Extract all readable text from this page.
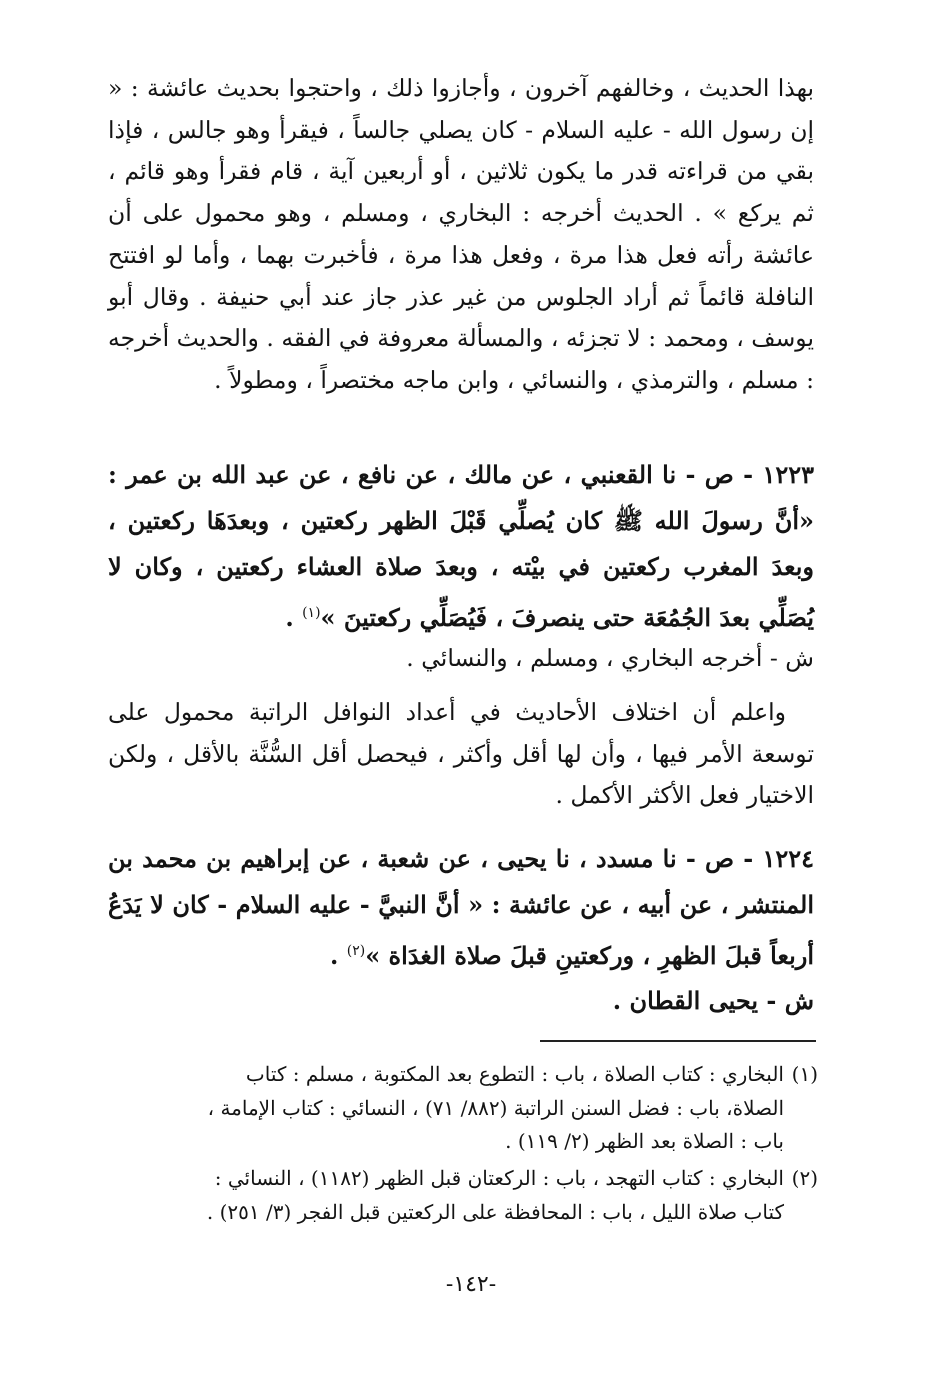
بهذا الحديث ، وخالفهم آخرون ، وأجازوا ذلك ، واحتجوا بحديث عائشة : « إن رسول الله - عليه السلام - كان يصلي جالساً ، فيقرأ وهو جالس ، فإذا بقي من قراءته قدر ما يكون ثلاثين ، أو أربعين آية ، قام فقرأ وهو قائم ، ثم يركع » . الحديث أخرجه : البخاري ، ومسلم ، وهو محمول على أن عائشة رأته فعل هذا مرة ، وفعل هذا مرة ، فأخبرت بهما ، وأما لو افتتح النافلة قائماً ثم أراد الجلوس من غير عذر جاز عند أبي حنيفة . وقال أبو يوسف ، ومحمد : لا تجزئه ، والمسألة معروفة في الفقه . والحديث أخرجه : مسلم ، والترمذي ، والنسائي ، وابن ماجه مختصراً ، ومطولاً .
١٢٢٣ - ص - نا القعنبي ، عن مالك ، عن نافع ، عن عبد الله بن عمر : «أنَّ رسولَ الله ﷺ كان يُصلِّي قَبْلَ الظهر ركعتين ، وبعدَهَا ركعتين ، وبعدَ المغرب ركعتين في بيْته ، وبعدَ صلاة العشاء ركعتين ، وكان لا يُصَلِّي بعدَ الجُمُعَة حتى ينصرفَ ، فَيُصَلِّي ركعتينَ »$^{(١)}$ .
ش - أخرجه البخاري ، ومسلم ، والنسائي .
واعلم أن اختلاف الأحاديث في أعداد النوافل الراتبة محمول على توسعة الأمر فيها ، وأن لها أقل وأكثر ، فيحصل أقل السُّنَّة بالأقل ، ولكن الاختيار فعل الأكثر الأكمل .
١٢٢٤ - ص - نا مسدد ، نا يحيى ، عن شعبة ، عن إبراهيم بن محمد بن المنتشر ، عن أبيه ، عن عائشة : « أنَّ النبيَّ - عليه السلام - كان لا يَدَعُ أربعاً قبلَ الظهرِ ، وركعتينِ قبلَ صلاة الغدَاة »$^{(٢)}$ .
ش - يحيى القطان .
(١)البخاري : كتاب الصلاة ، باب : التطوع بعد المكتوبة ، مسلم : كتاب
الصلاة، باب : فضل السنن الراتبة (٨٨٢/ ٧١) ، النسائي : كتاب الإمامة ،
باب : الصلاة بعد الظهر (٢/ ١١٩) .
(٢)البخاري : كتاب التهجد ، باب : الركعتان قبل الظهر (١١٨٢) ، النسائي :
كتاب صلاة الليل ، باب : المحافظة على الركعتين قبل الفجر (٣/ ٢٥١) .
-١٤٢-
